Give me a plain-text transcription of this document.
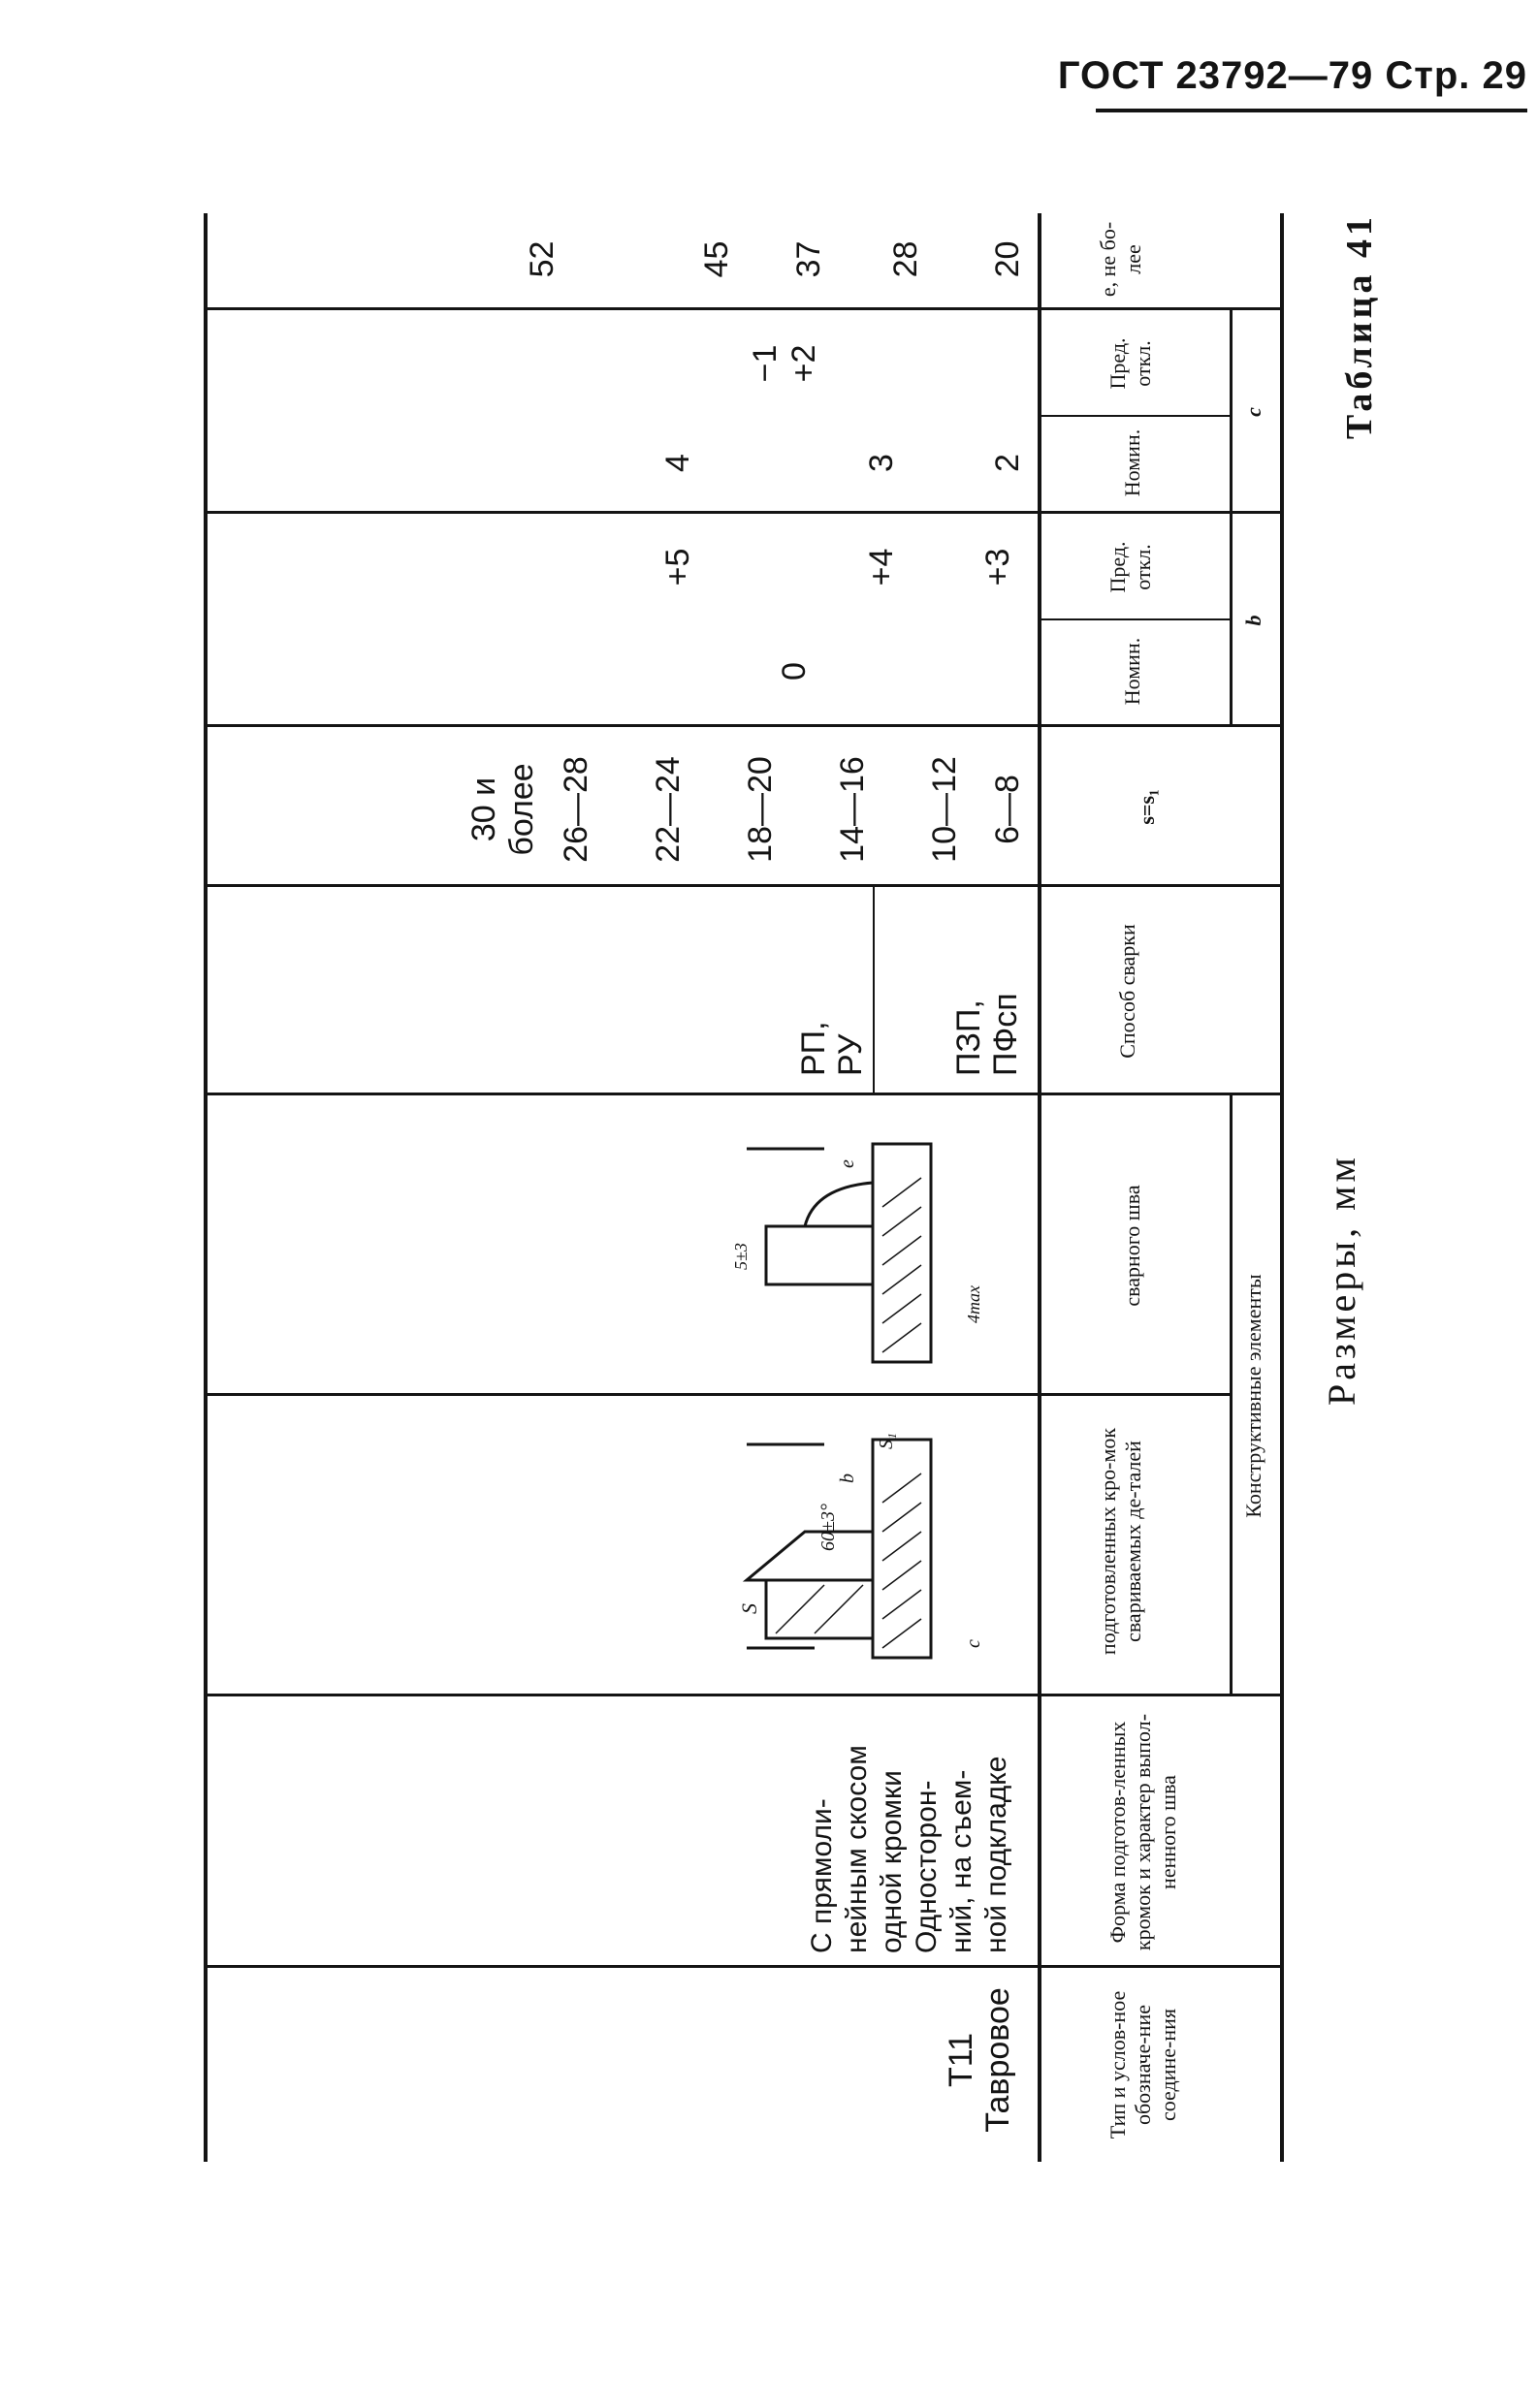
ГОСТ 23792—79 Стр. 29
Таблица 41
Размеры, мм
Тип и услов-ное обозначе-ние соедине-ния
Форма подготов-ленных кромок и характер выпол-ненного шва
Конструктивные элементы
подготовленных кро-мок свариваемых де-талей
сварного шва
Способ сварки
s=s₁
b
c
Номин.
Пред. откл.
Номин.
Пред. откл.
e, не бо-лее
Тавровое
Т11
С прямоли- нейным скосом одной кромки Односторон- ний, на съем- ной подкладке
S
60±3°
c
b
S₁
e
5±3
4max
ПЗП, ПФсп
РП, РУ
6—8
10—12
14—16
18—20
22—24
26—28
30 и более
0
+3
+4
+5
2
3
4
+2
−1
20
28
37
45
52
